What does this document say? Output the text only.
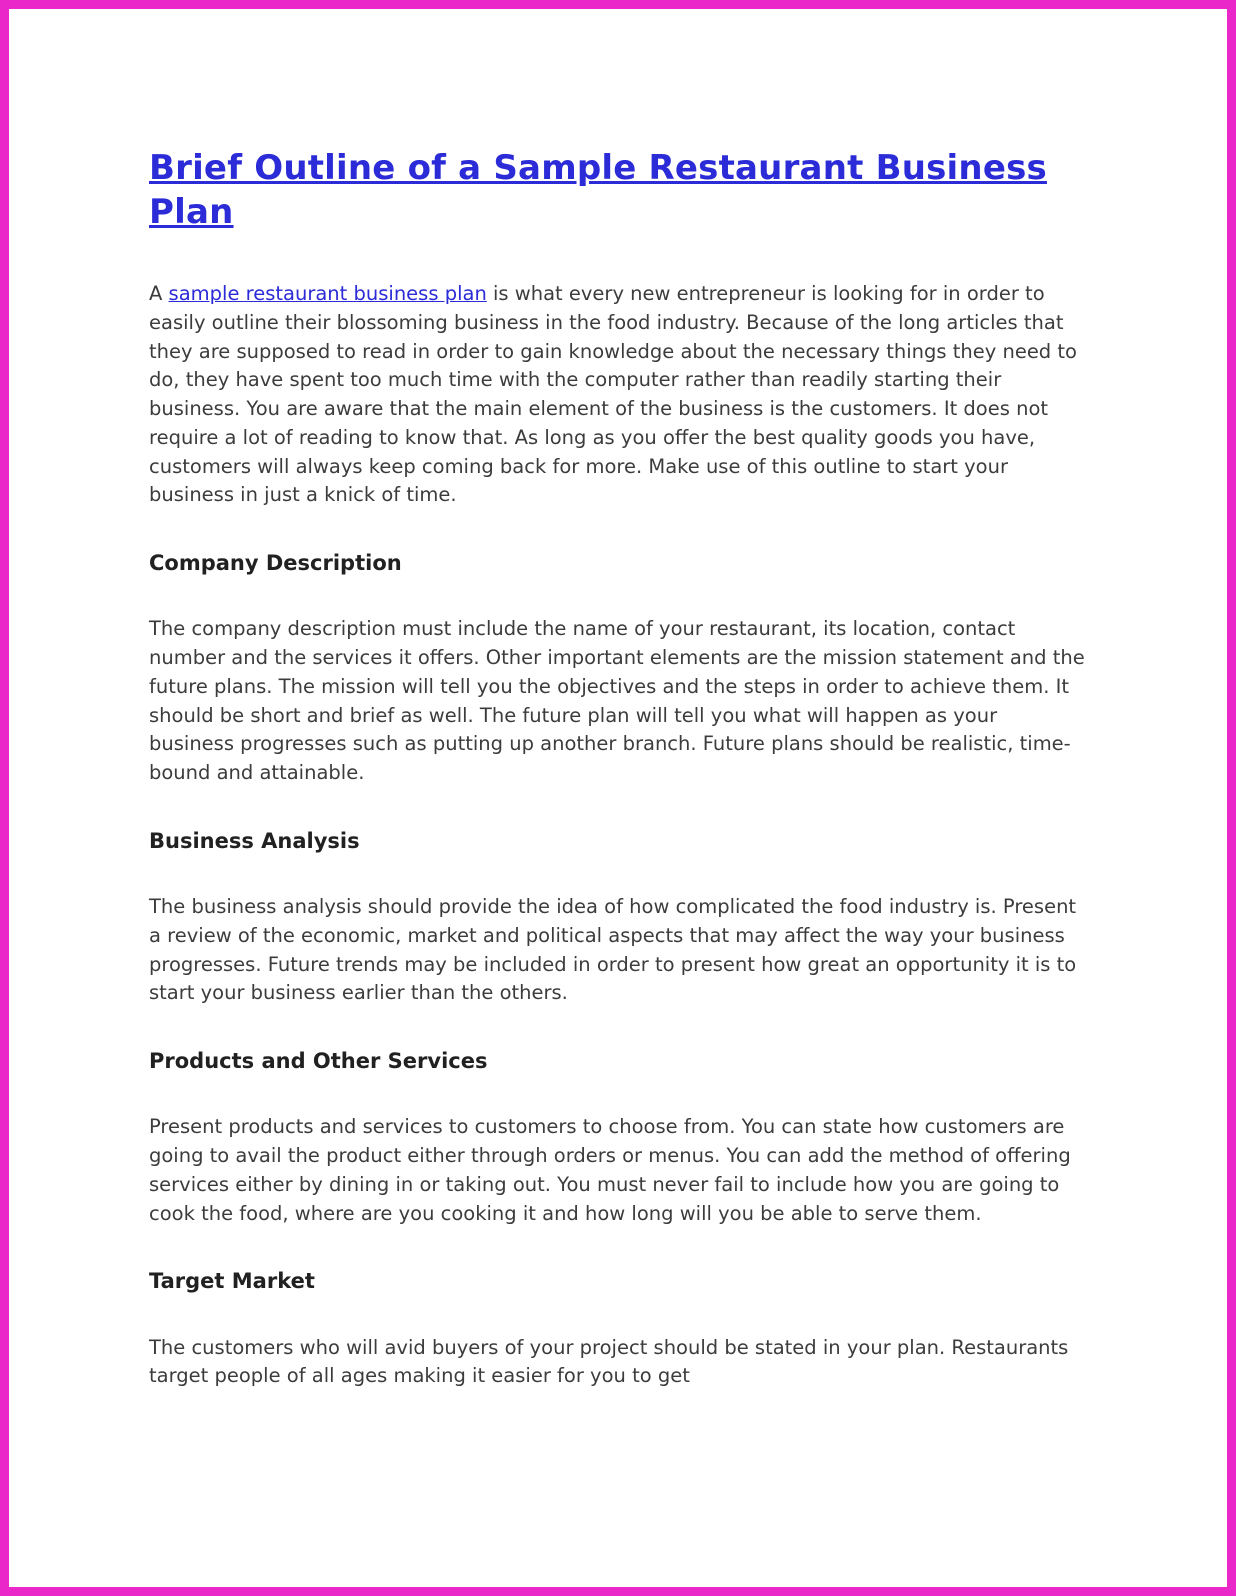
Brief Outline of a Sample Restaurant Business Plan

A sample restaurant business plan is what every new entrepreneur is looking for in order to easily outline their blossoming business in the food industry. Because of the long articles that they are supposed to read in order to gain knowledge about the necessary things they need to do, they have spent too much time with the computer rather than readily starting their business. You are aware that the main element of the business is the customers. It does not require a lot of reading to know that. As long as you offer the best quality goods you have, customers will always keep coming back for more. Make use of this outline to start your business in just a knick of time.

Company Description

The company description must include the name of your restaurant, its location, contact number and the services it offers. Other important elements are the mission statement and the future plans. The mission will tell you the objectives and the steps in order to achieve them. It should be short and brief as well. The future plan will tell you what will happen as your business progresses such as putting up another branch. Future plans should be realistic, time-bound and attainable.

Business Analysis

The business analysis should provide the idea of how complicated the food industry is. Present a review of the economic, market and political aspects that may affect the way your business progresses. Future trends may be included in order to present how great an opportunity it is to start your business earlier than the others.

Products and Other Services

Present products and services to customers to choose from. You can state how customers are going to avail the product either through orders or menus. You can add the method of offering services either by dining in or taking out. You must never fail to include how you are going to cook the food, where are you cooking it and how long will you be able to serve them.

Target Market

The customers who will avid buyers of your project should be stated in your plan. Restaurants target people of all ages making it easier for you to get
